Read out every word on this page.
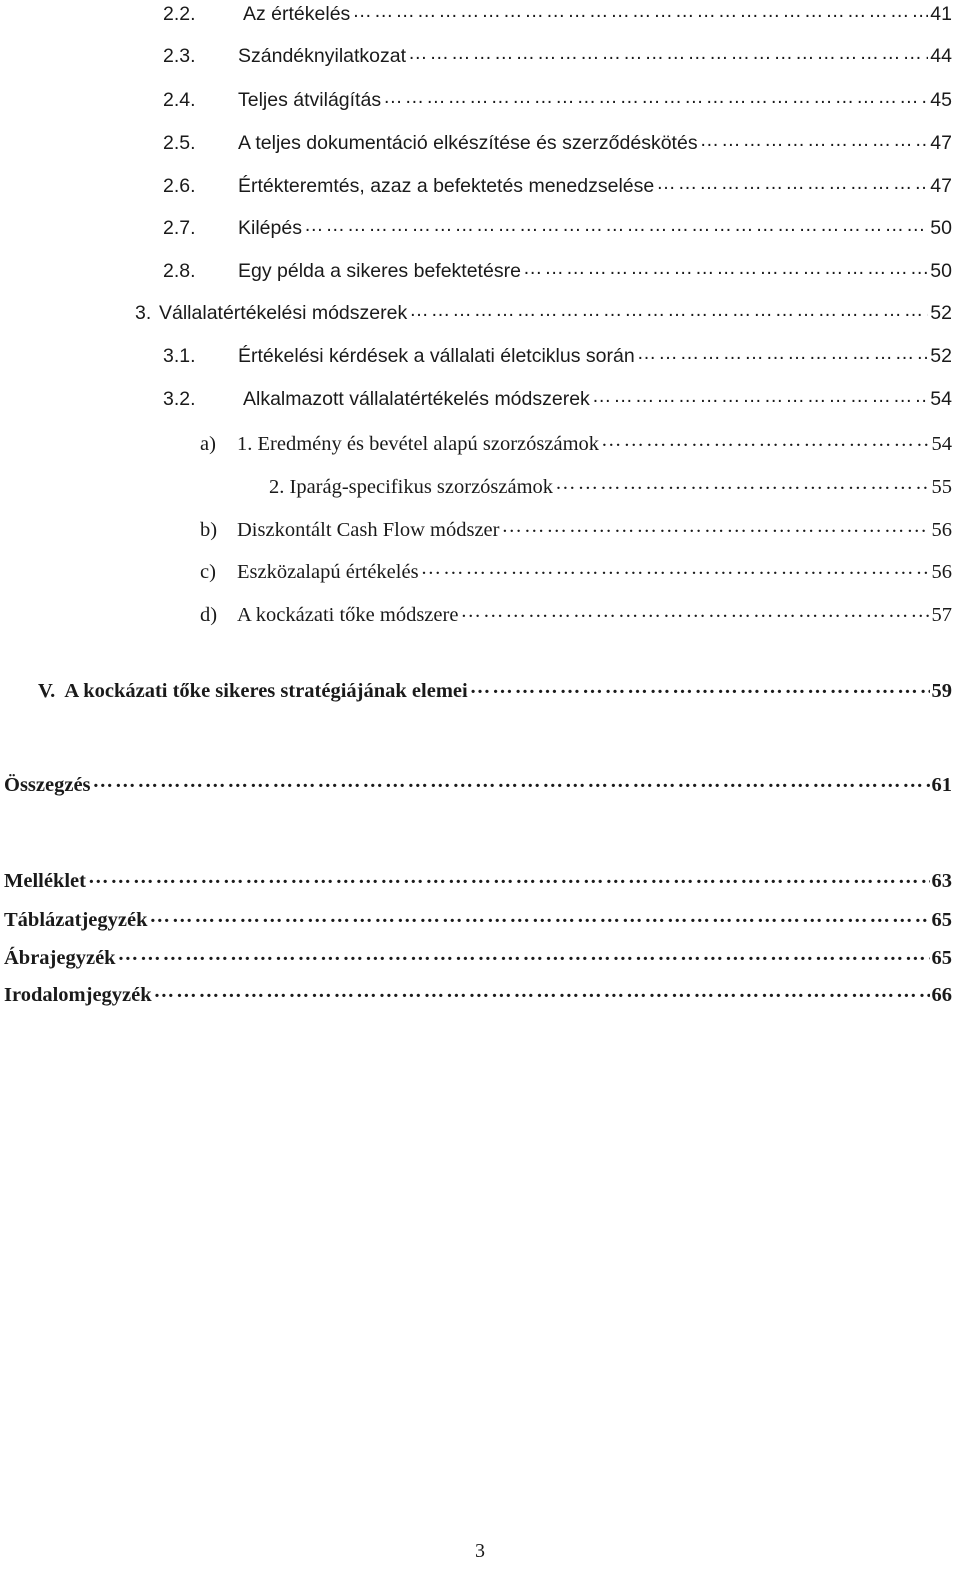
2.2.	Az értékelés …………………………………………………………………………………………………………………………………………………………………………………………………………	41
2.3.	Szándéknyilatkozat …………………………………………………………………………………………………………………………………………………………………………………………………………	44
2.4.	Teljes átvilágítás …………………………………………………………………………………………………………………………………………………………………………………………………………	45
2.5.	A teljes dokumentáció elkészítése és szerződéskötés …………………………………………………………………………………………………………………………………………………………………………………………………………	47
2.6.	Értékteremtés, azaz a befektetés menedzselése …………………………………………………………………………………………………………………………………………………………………………………………………………	47
2.7.	Kilépés …………………………………………………………………………………………………………………………………………………………………………………………………………	50
2.8.	Egy példa a sikeres befektetésre …………………………………………………………………………………………………………………………………………………………………………………………………………	50
3. Vállalatértékelési módszerek …………………………………………………………………………………………………………………………………………………………………………………………………………	52
3.1.	Értékelési kérdések a vállalati életciklus során …………………………………………………………………………………………………………………………………………………………………………………………………………	52
3.2.	Alkalmazott vállalatértékelés módszerek …………………………………………………………………………………………………………………………………………………………………………………………………………	54
a)	1. Eredmény és bevétel alapú szorzószámok …………………………………………………………………………………………………………………………………………………………………………………………………………	54
2. Iparág-specifikus szorzószámok …………………………………………………………………………………………………………………………………………………………………………………………………………	55
b) Diszkontált Cash Flow módszer …………………………………………………………………………………………………………………………………………………………………………………………………………	56
c)	Eszközalapú értékelés …………………………………………………………………………………………………………………………………………………………………………………………………………	56
d) A kockázati tőke módszere …………………………………………………………………………………………………………………………………………………………………………………………………………	57
V.  A kockázati tőke sikeres stratégiájának elemei …………………………………………………………………………………………………………………………………………………………………………………………………………	59
Összegzés …………………………………………………………………………………………………………………………………………………………………………………………………………	61
Melléklet …………………………………………………………………………………………………………………………………………………………………………………………………………	63
Táblázatjegyzék …………………………………………………………………………………………………………………………………………………………………………………………………………	65
Ábrajegyzék …………………………………………………………………………………………………………………………………………………………………………………………………………	65
Irodalomjegyzék …………………………………………………………………………………………………………………………………………………………………………………………………………	66
3
